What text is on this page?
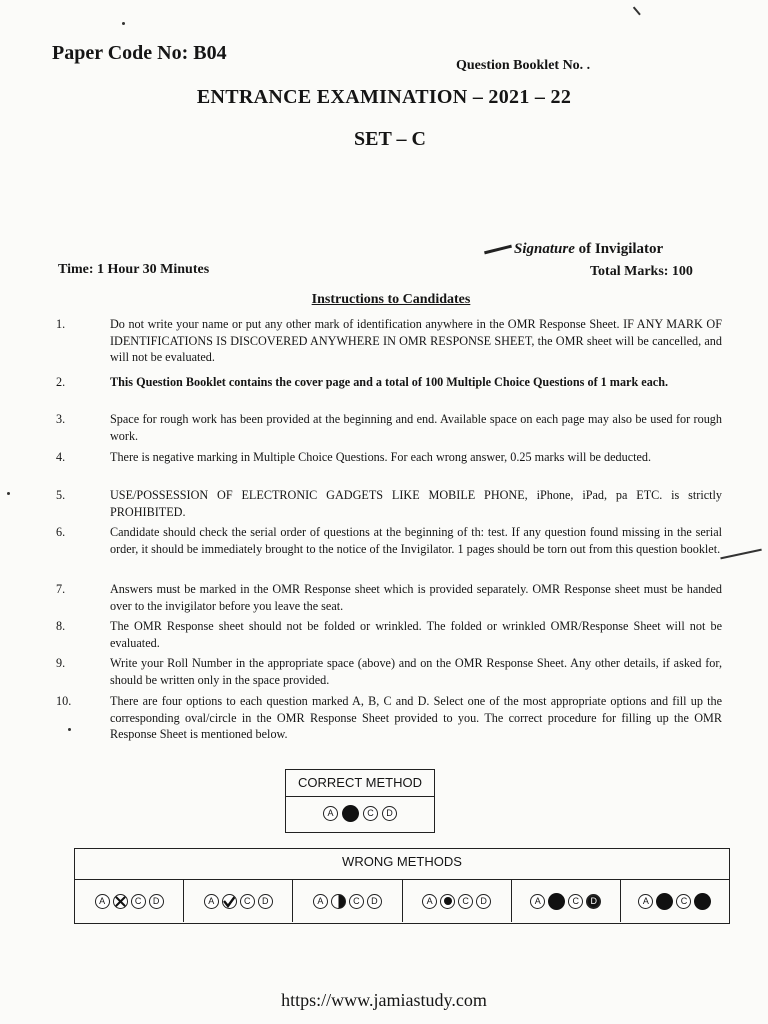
Paper Code No: B04
Question Booklet No. .
ENTRANCE EXAMINATION – 2021 – 22
SET – C
Signature of Invigilator
Time: 1 Hour 30 Minutes	Total Marks: 100
Instructions to Candidates
1.	Do not write your name or put any other mark of identification anywhere in the OMR Response Sheet. IF ANY MARK OF IDENTIFICATIONS IS DISCOVERED ANYWHERE IN OMR RESPONSE SHEET, the OMR sheet will be cancelled, and will not be evaluated.
2.	This Question Booklet contains the cover page and a total of 100 Multiple Choice Questions of 1 mark each.
3.	Space for rough work has been provided at the beginning and end. Available space on each page may also be used for rough work.
4.	There is negative marking in Multiple Choice Questions. For each wrong answer, 0.25 marks will be deducted.
5.	USE/POSSESSION OF ELECTRONIC GADGETS LIKE MOBILE PHONE, iPhone, iPad, pa ETC. is strictly PROHIBITED.
6.	Candidate should check the serial order of questions at the beginning of th: test. If any question found missing in the serial order, it should be immediately brought to the notice of the Invigilator. 1 pages should be torn out from this question booklet.
7.	Answers must be marked in the OMR Response sheet which is provided separately. OMR Response sheet must be handed over to the invigilator before you leave the seat.
8.	The OMR Response sheet should not be folded or wrinkled. The folded or wrinkled OMR/Response Sheet will not be evaluated.
9.	Write your Roll Number in the appropriate space (above) and on the OMR Response Sheet. Any other details, if asked for, should be written only in the space provided.
10.	There are four options to each question marked A, B, C and D. Select one of the most appropriate options and fill up the corresponding oval/circle in the OMR Response Sheet provided to you. The correct procedure for filling up the OMR Response Sheet is mentioned below.
CORRECT METHOD
A	C	D
WRONG METHODS
A	C	D	A	C	D	A	C	D	A	C	D	A	C	D	A	C
https://www.jamiastudy.com
